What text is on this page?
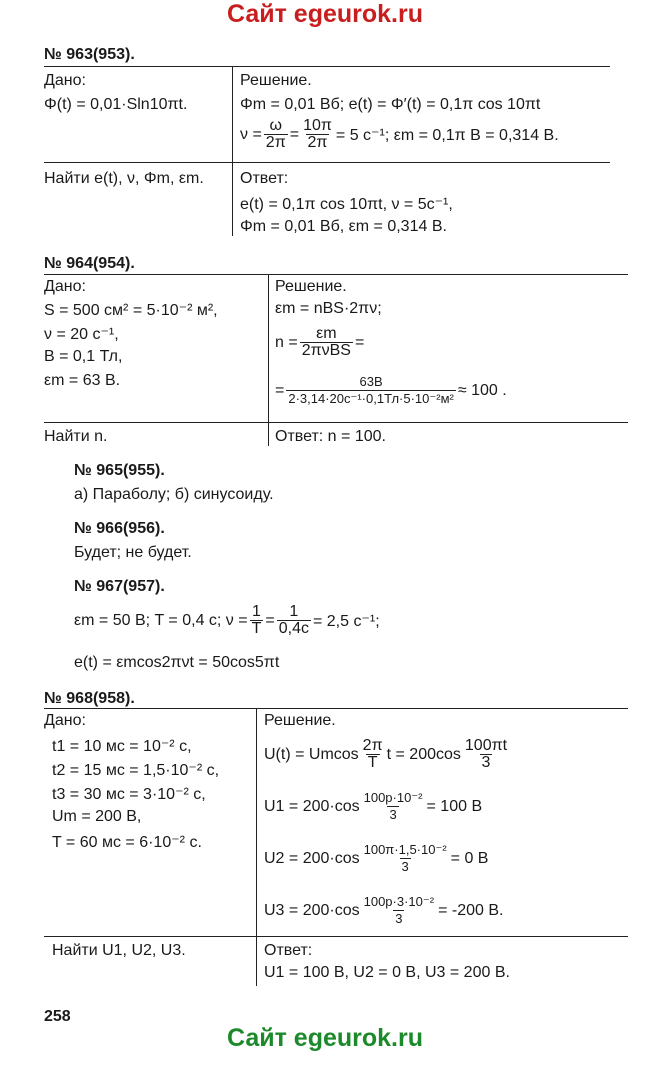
Сайт egeurok.ru
№ 963(953).
Дано:
Φ(t) = 0,01·Sln10πt.
Решение.
Φm = 0,01 Вб; e(t) = Φ′(t) = 0,1π cos 10πt
$\nu = \frac{\omega}{2\pi} = \frac{10\pi}{2\pi} = 5$ с⁻¹; εm = 0,1π В = 0,314 В.
Найти e(t), ν, Φm, εm. Ответ:
e(t) = 0,1π cos 10πt, ν = 5с⁻¹,
Φm = 0,01 Вб, εm = 0,314 В.
№ 964(954).
Дано:
S = 500 см² = 5·10⁻² м²,
ν = 20 с⁻¹,
B = 0,1 Тл,
εm = 63 В.
Решение.
εm = nBS·2πν;
$n = \frac{\varepsilon m}{\text{2πνBS}}$ =
= $\frac{63В}{\text{2·3,14·20с⁻¹·0,1Тл·5·10⁻²м²}} \approx 100$ .
Найти n.	Ответ: n = 100.
№ 965(955).
а) Параболу; б) синусоиду.
№ 966(956).
Будет; не будет.
№ 967(957).
εm = 50 В; T = 0,4 с; $\nu = \frac{1}{T} = \frac{1}{0,4с} = 2,5$ с⁻¹;
e(t) = εmcos2πνt = 50cos5πt
№ 968(958).
Дано:
t1 = 10 мс = 10⁻² с,
t2 = 15 мс = 1,5·10⁻² с,
t3 = 30 мс = 3·10⁻² с,
Um = 200 В,
T = 60 мс = 6·10⁻² с.
Решение.
U(t) = Umcos $\frac{2\pi}{T}$ $t = 200\cos \frac{100\pi t}{3}$
$U1 = 200\cdot\cos \frac{\text{100р·10⁻²}}{3} = 100$ В
$U2 = 200\cdot\cos \frac{\text{100π·1,5·10⁻²}}{3} = 0$ В
$U3 = 200\cdot\cos \frac{\text{100р·3·10⁻²}}{3} = -200$ В.
Найти U1, U2, U3.	Ответ:
U1 = 100 В, U2 = 0 В, U3 = 200 В.
258
Сайт egeurok.ru
